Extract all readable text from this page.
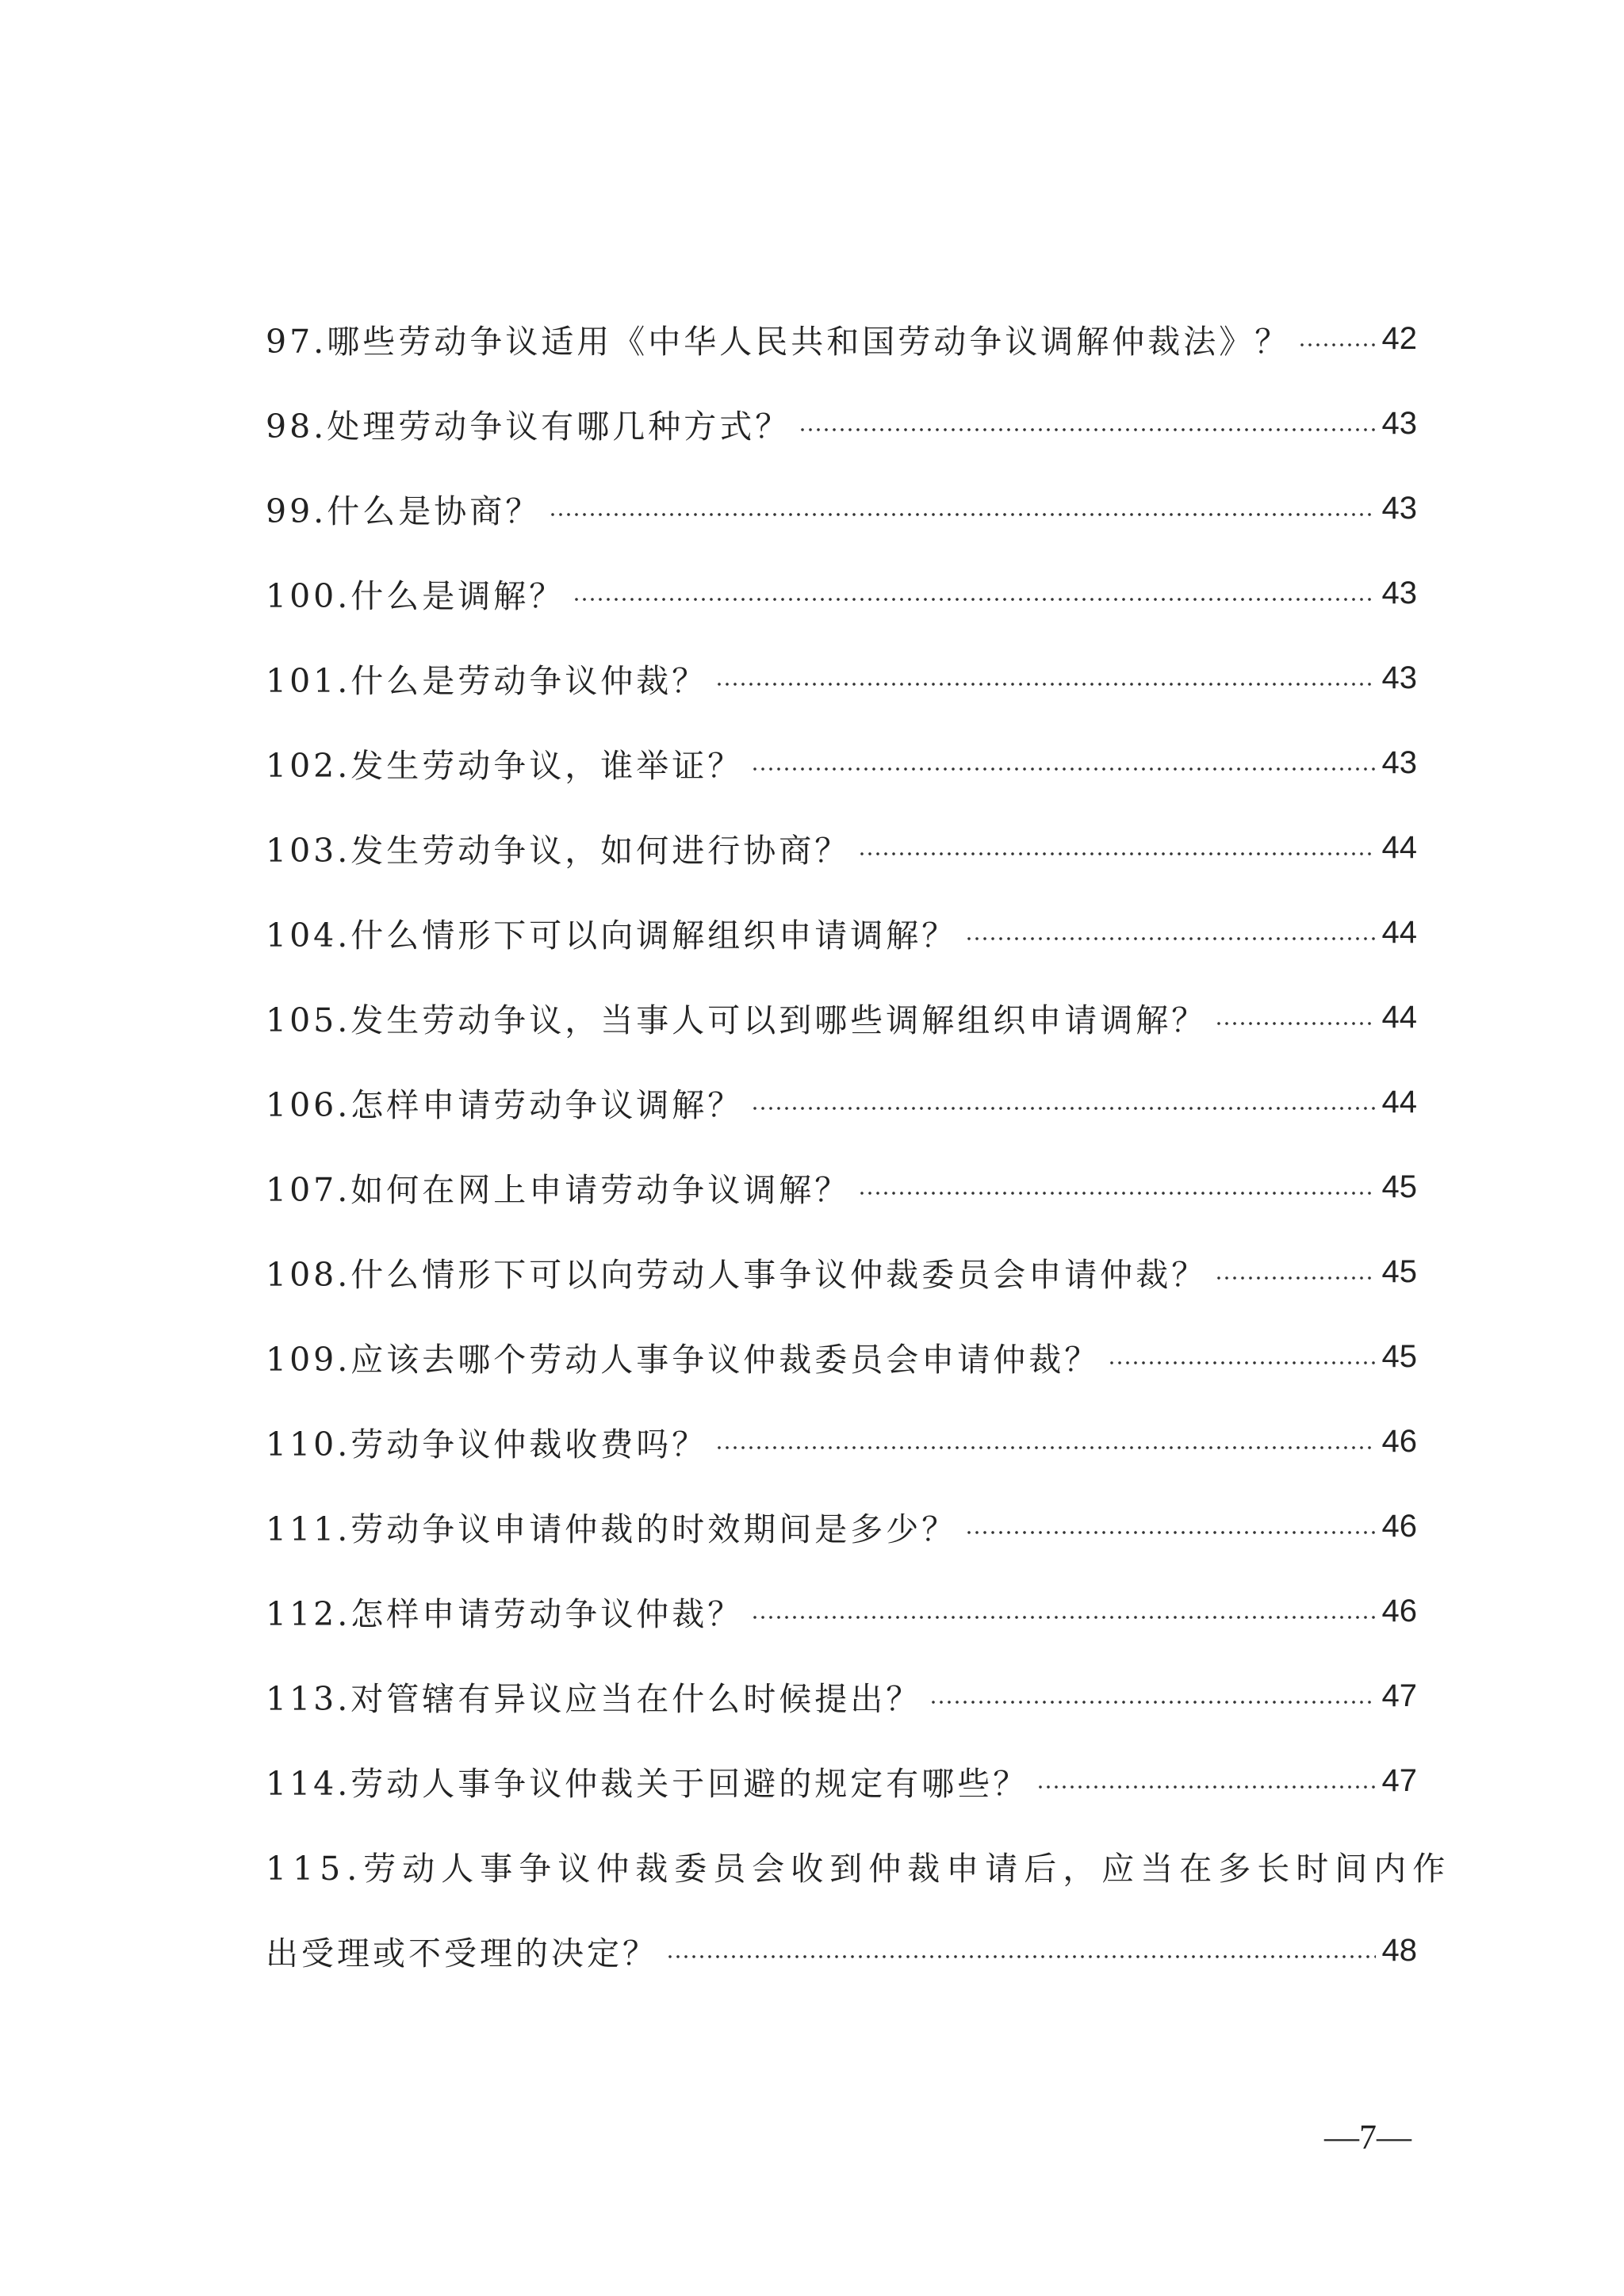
97.哪些劳动争议适用《中华人民共和国劳动争议调解仲裁法》？	42
98.处理劳动争议有哪几种方式？	43
99.什么是协商？	43
100.什么是调解？	43
101.什么是劳动争议仲裁？	43
102.发生劳动争议，谁举证？	43
103.发生劳动争议，如何进行协商？	44
104.什么情形下可以向调解组织申请调解？	44
105.发生劳动争议，当事人可以到哪些调解组织申请调解？	44
106.怎样申请劳动争议调解？	44
107.如何在网上申请劳动争议调解？	45
108.什么情形下可以向劳动人事争议仲裁委员会申请仲裁？	45
109.应该去哪个劳动人事争议仲裁委员会申请仲裁？	45
110.劳动争议仲裁收费吗？	46
111.劳动争议申请仲裁的时效期间是多少？	46
112.怎样申请劳动争议仲裁？	46
113.对管辖有异议应当在什么时候提出？	47
114.劳动人事争议仲裁关于回避的规定有哪些？	47
115.劳动人事争议仲裁委员会收到仲裁申请后，应当在多长时间内作
出受理或不受理的决定？	48
—7—
